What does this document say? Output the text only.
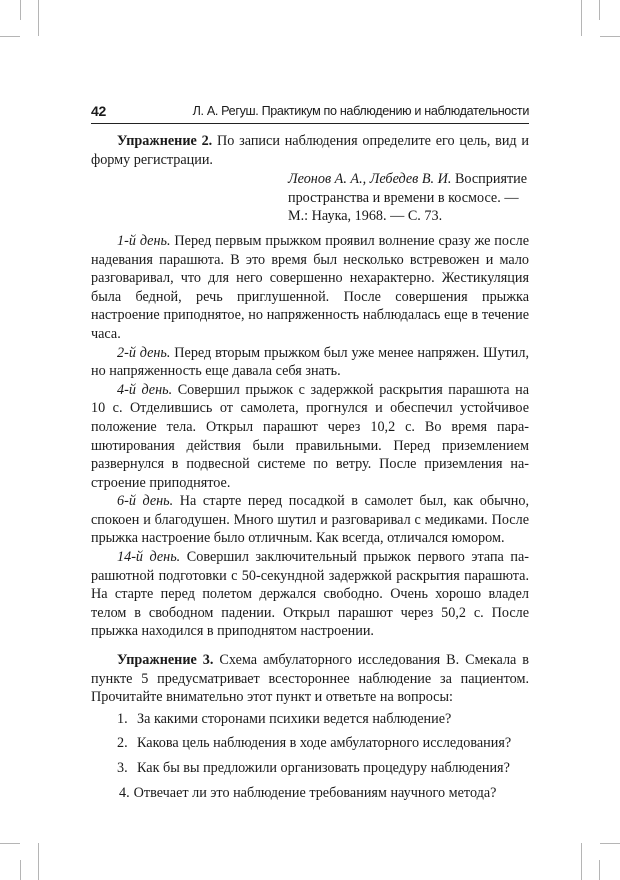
42	Л. А. Регуш. Практикум по наблюдению и наблюдательности

Упражнение 2. По записи наблюдения определите его цель, вид и форму регистрации.

Леонов А. А., Лебедев В. И. Восприятие пространства и времени в космосе. — М.: Наука, 1968. — С. 73.

1-й день. Перед первым прыжком проявил волнение сразу же после надевания парашюта. В это время был несколько встревожен и мало разговаривал, что для него совершенно нехарактерно. Жестикуляция была бедной, речь приглушенной. После совершения прыжка настроение приподнятое, но напряженность наблюдалась еще в течение часа.

2-й день. Перед вторым прыжком был уже менее напряжен. Шутил, но напряженность еще давала себя знать.

4-й день. Совершил прыжок с задержкой раскрытия парашюта на 10 с. Отделившись от самолета, прогнулся и обеспечил устойчивое положение тела. Открыл парашют через 10,2 с. Во время парашютирования действия были правильными. Перед приземлением развернулся в подвесной системе по ветру. После приземления настроение приподнятое.

6-й день. На старте перед посадкой в самолет был, как обычно, спокоен и благодушен. Много шутил и разговаривал с медиками. После прыжка настроение было отличным. Как всегда, отличался юмором.

14-й день. Совершил заключительный прыжок первого этапа парашютной подготовки с 50-секундной задержкой раскрытия парашюта. На старте перед полетом держался свободно. Очень хорошо владел телом в свободном падении. Открыл парашют через 50,2 с. После прыжка находился в приподнятом настроении.

Упражнение 3. Схема амбулаторного исследования В. Смекала в пункте 5 предусматривает всестороннее наблюдение за пациентом. Прочитайте внимательно этот пункт и ответьте на вопросы:

1. За какими сторонами психики ведется наблюдение?
2. Какова цель наблюдения в ходе амбулаторного исследования?
3. Как бы вы предложили организовать процедуру наблюдения?
4. Отвечает ли это наблюдение требованиям научного метода?
